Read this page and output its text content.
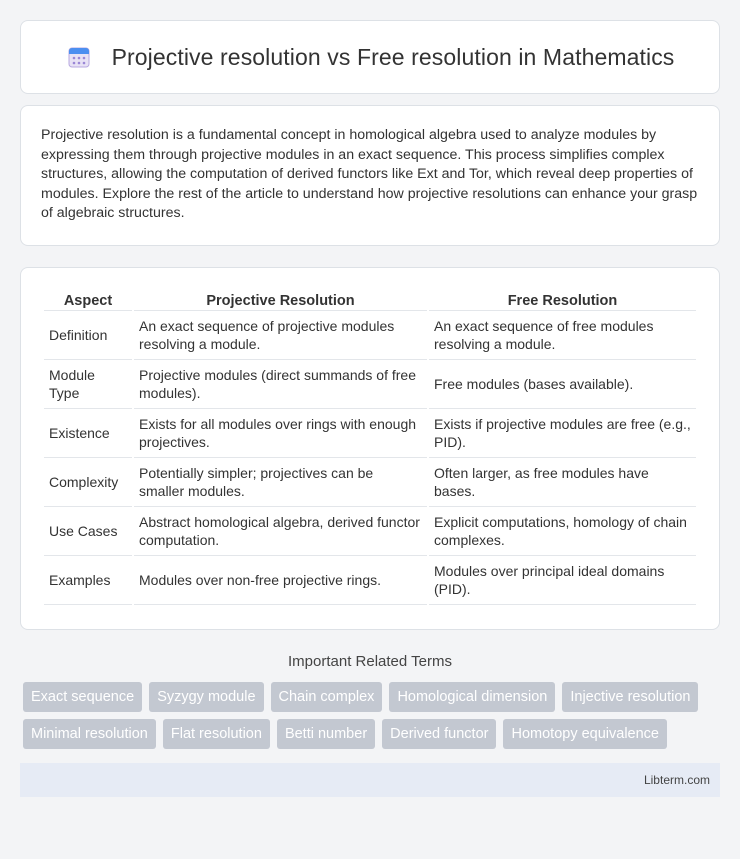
Projective resolution vs Free resolution in Mathematics

Projective resolution is a fundamental concept in homological algebra used to analyze modules by expressing them through projective modules in an exact sequence. This process simplifies complex structures, allowing the computation of derived functors like Ext and Tor, which reveal deep properties of modules. Explore the rest of the article to understand how projective resolutions can enhance your grasp of algebraic structures.

Aspect	Projective Resolution	Free Resolution
Definition	An exact sequence of projective modules resolving a module.	An exact sequence of free modules resolving a module.
Module Type	Projective modules (direct summands of free modules).	Free modules (bases available).
Existence	Exists for all modules over rings with enough projectives.	Exists if projective modules are free (e.g., PID).
Complexity	Potentially simpler; projectives can be smaller modules.	Often larger, as free modules have bases.
Use Cases	Abstract homological algebra, derived functor computation.	Explicit computations, homology of chain complexes.
Examples	Modules over non-free projective rings.	Modules over principal ideal domains (PID).
Important Related Terms
Exact sequence	Syzygy module	Chain complex	Homological dimension	Injective resolution
Minimal resolution	Flat resolution	Betti number	Derived functor	Homotopy equivalence
Libterm.com
